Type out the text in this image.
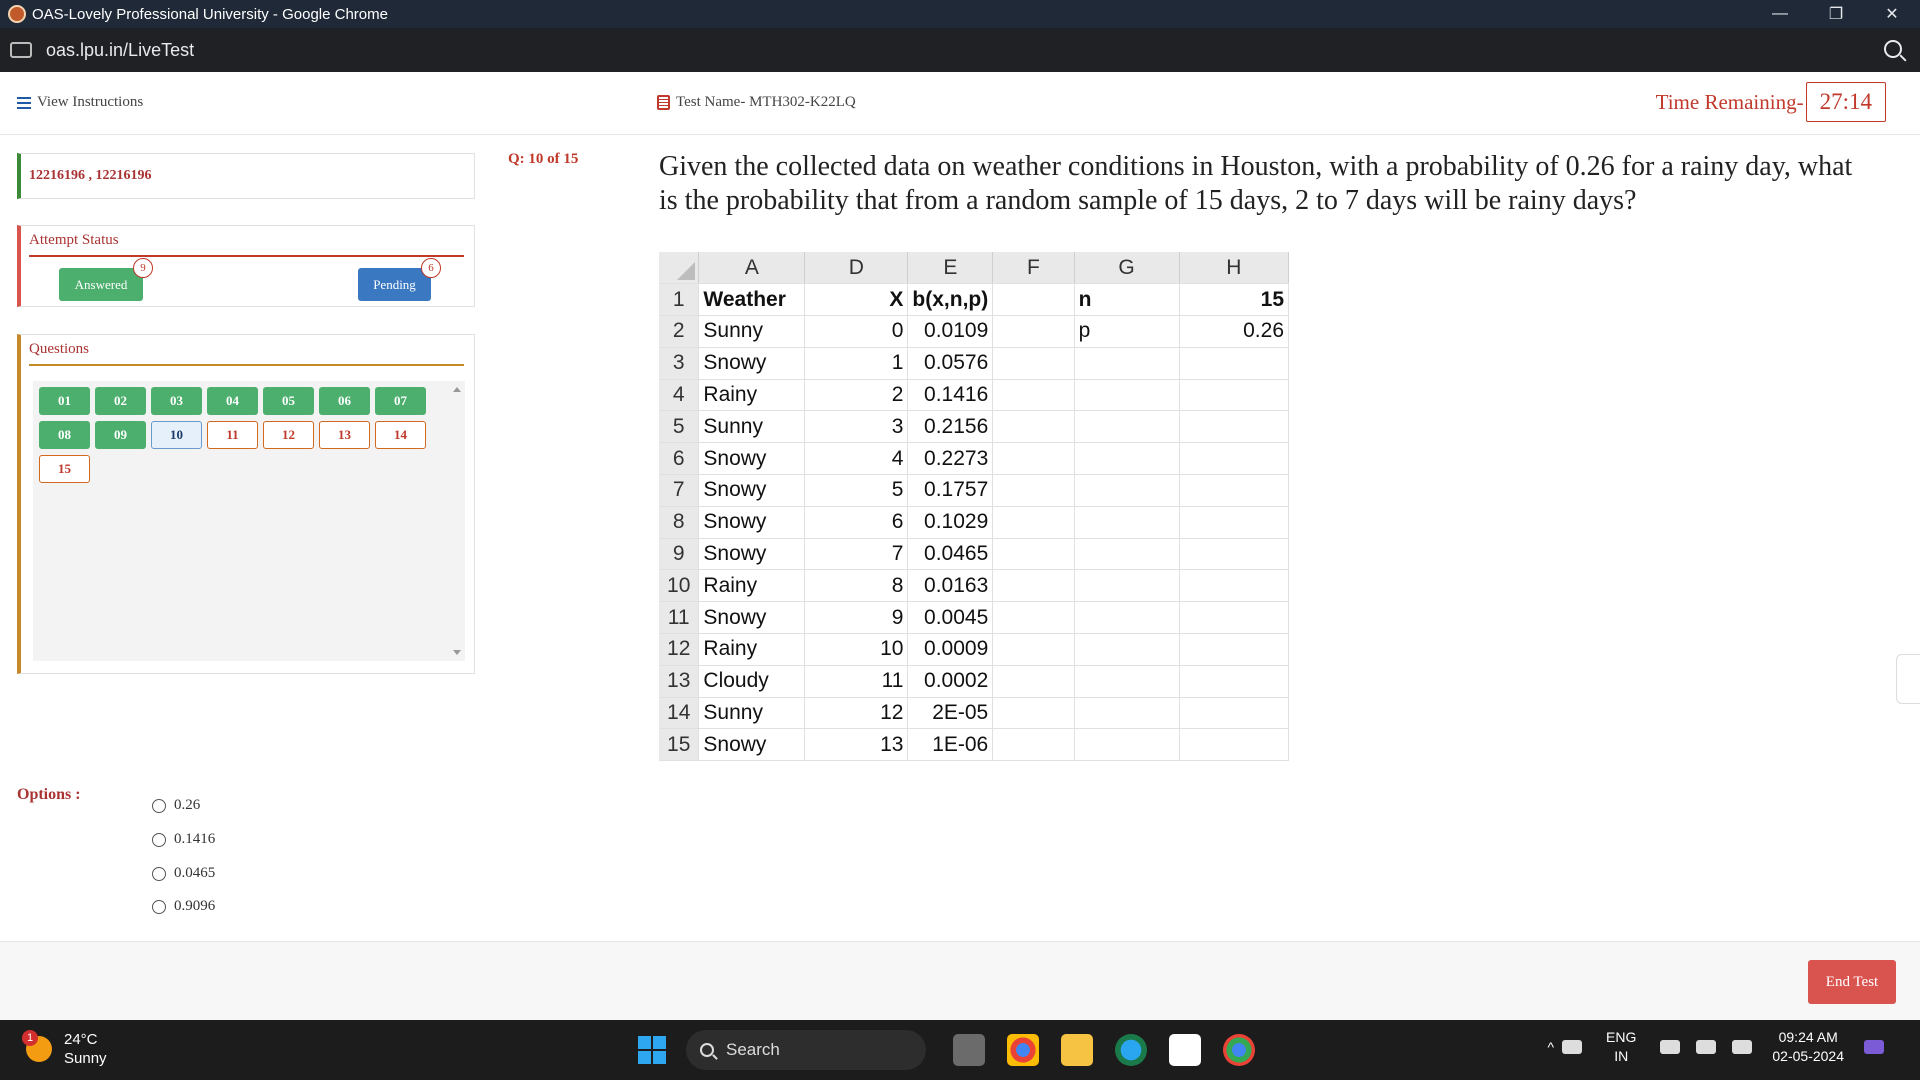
OAS-Lovely Professional University - Google Chrome	—	❐	✕
oas.lpu.in/LiveTest
View Instructions	Test Name- MTH302-K22LQ	Time Remaining- 27:14
12216196 , 12216196
Attempt Status
Answered
9
Pending
6
Questions
01	02	03	04	05	06	07
08	09	10	11	12	13	14
15
Q: 10 of 15	Given the collected data on weather conditions in Houston, with a probability of 0.26 for a rainy day, what is the probability that from a random sample of 15 days, 2 to 7 days will be rainy days?
	A	D	E	F	G	H
1	Weather	X	b(x,n,p)		n	15
2	Sunny	0	0.0109		p	0.26
3	Snowy	1	0.0576			
4	Rainy	2	0.1416			
5	Sunny	3	0.2156			
6	Snowy	4	0.2273			
7	Snowy	5	0.1757			
8	Snowy	6	0.1029			
9	Snowy	7	0.0465			
10	Rainy	8	0.0163			
11	Snowy	9	0.0045			
12	Rainy	10	0.0009			
13	Cloudy	11	0.0002			
14	Sunny	12	2E-05			
15	Snowy	13	1E-06			
Options :
0.26
0.1416
0.0465
0.9096
End Test
1	24°C
Sunny	Search	^
ENG
IN
09:24 AM
02-05-2024
